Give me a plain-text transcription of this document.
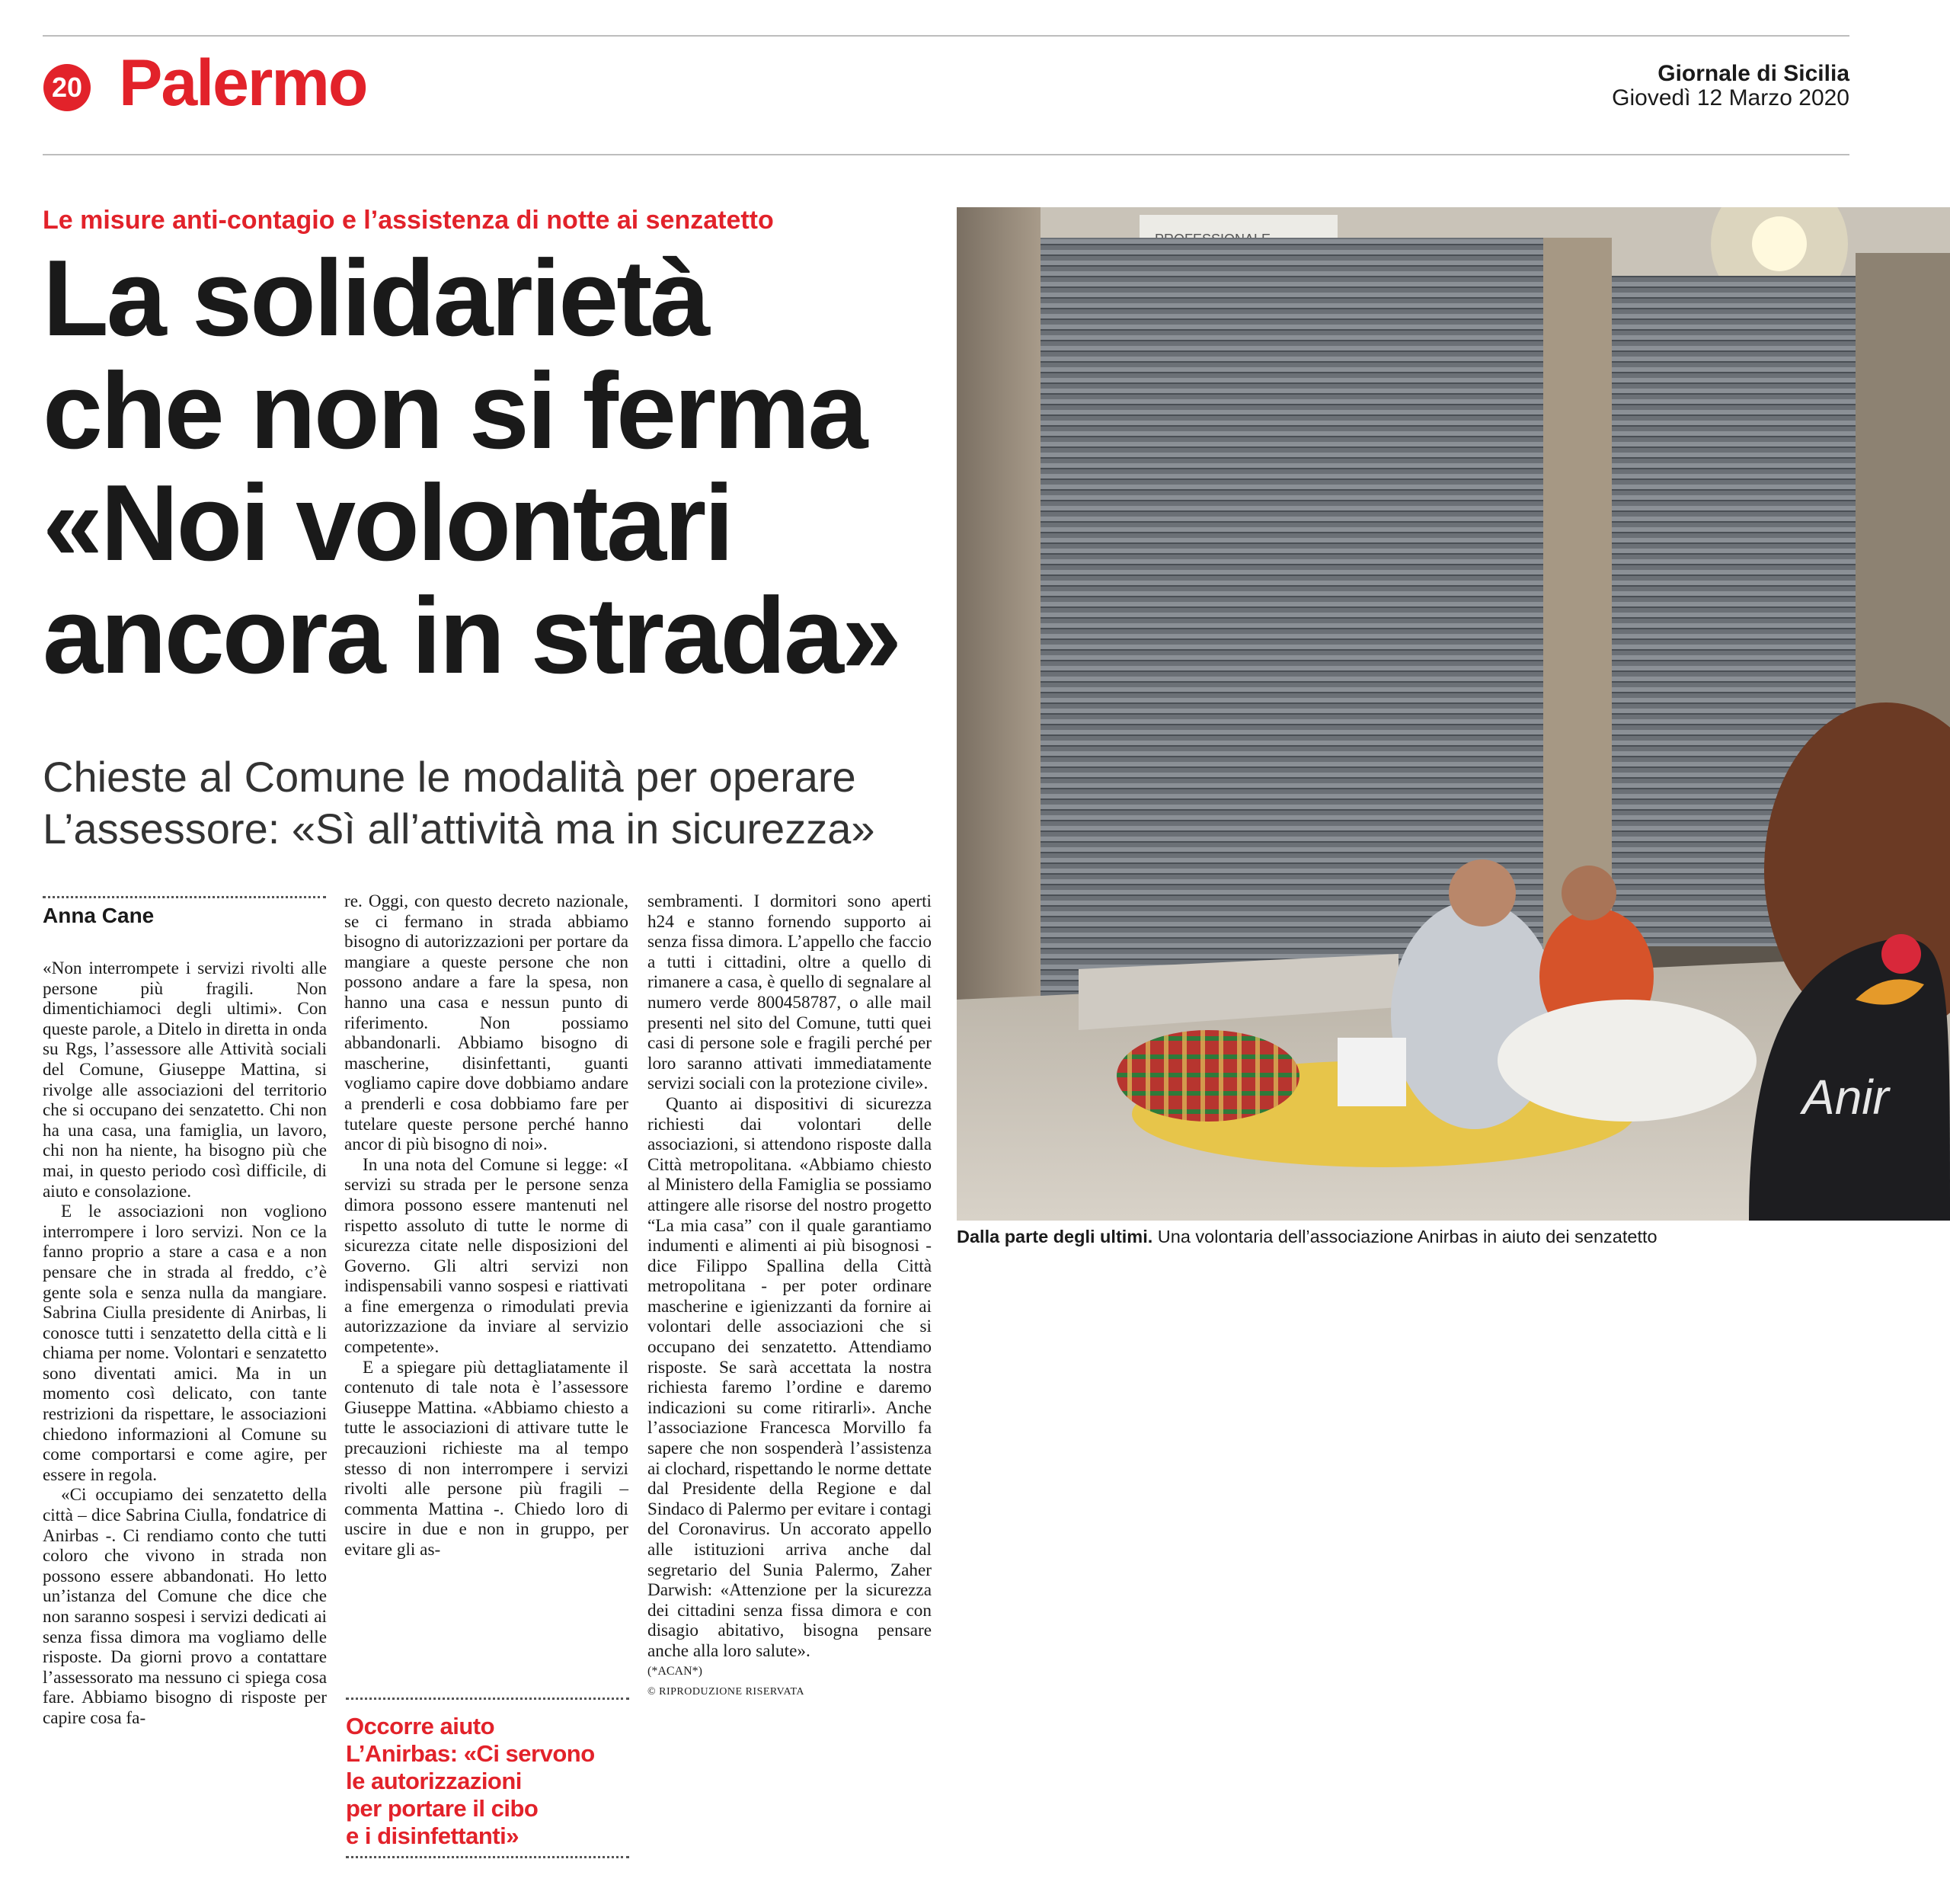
20 Palermo	Giornale di Sicilia
Giovedì 12 Marzo 2020
Le misure anti-contagio e l’assistenza di notte ai senzatetto
La solidarietà
che non si ferma
«Noi volontari
ancora in strada»
Chieste al Comune le modalità per operare
L’assessore: «Sì all’attività ma in sicurezza»
Anna Cane

«Non interrompete i servizi rivolti alle persone più fragili. Non dimentichiamoci degli ultimi». Con queste parole, a Ditelo in diretta in onda su Rgs, l’assessore alle Attività sociali del Comune, Giuseppe Mattina, si rivolge alle associazioni del territorio che si occupano dei senzatetto. Chi non ha una casa, una famiglia, un lavoro, chi non ha niente, ha bisogno più che mai, in questo periodo così difficile, di aiuto e consolazione.

E le associazioni non vogliono interrompere i loro servizi. Non ce la fanno proprio a stare a casa e a non pensare che in strada al freddo, c’è gente sola e senza nulla da mangiare. Sabrina Ciulla presidente di Anirbas, li conosce tutti i senzatetto della città e li chiama per nome. Volontari e senzatetto sono diventati amici. Ma in un momento così delicato, con tante restrizioni da rispettare, le associazioni chiedono informazioni al Comune su come comportarsi e come agire, per essere in regola.

«Ci occupiamo dei senzatetto della città – dice Sabrina Ciulla, fondatrice di Anirbas -. Ci rendiamo conto che tutti coloro che vivono in strada non possono essere abbandonati. Ho letto un’istanza del Comune che dice che non saranno sospesi i servizi dedicati ai senza fissa dimora ma vogliamo delle risposte. Da giorni provo a contattare l’assessorato ma nessuno ci spiega cosa fare. Abbiamo bisogno di risposte per capire cosa fa-

re. Oggi, con questo decreto nazionale, se ci fermano in strada abbiamo bisogno di autorizzazioni per portare da mangiare a queste persone che non possono andare a fare la spesa, non hanno una casa e nessun punto di riferimento. Non possiamo abbandonarli. Abbiamo bisogno di mascherine, disinfettanti, guanti vogliamo capire dove dobbiamo andare a prenderli e cosa dobbiamo fare per tutelare queste persone perché hanno ancor di più bisogno di noi».

In una nota del Comune si legge: «I servizi su strada per le persone senza dimora possono essere mantenuti nel rispetto assoluto di tutte le norme di sicurezza citate nelle disposizioni del Governo. Gli altri servizi non indispensabili vanno sospesi e riattivati a fine emergenza o rimodulati previa autorizzazione da inviare al servizio competente».

E a spiegare più dettagliatamente il contenuto di tale nota è l’assessore Giuseppe Mattina. «Abbiamo chiesto a tutte le associazioni di attivare tutte le precauzioni richieste ma al tempo stesso di non interrompere i servizi rivolti alle persone più fragili – commenta Mattina -. Chiedo loro di uscire in due e non in gruppo, per evitare gli as-

Occorre aiuto
L’Anirbas: «Ci servono
le autorizzazioni
per portare il cibo
e i disinfettanti»

sembramenti. I dormitori sono aperti h24 e stanno fornendo supporto ai senza fissa dimora. L’appello che faccio a tutti i cittadini, oltre a quello di rimanere a casa, è quello di segnalare al numero verde 800458787, o alle mail presenti nel sito del Comune, tutti quei casi di persone sole e fragili perché per loro saranno attivati immediatamente servizi sociali con la protezione civile».

Quanto ai dispositivi di sicurezza richiesti dai volontari delle associazioni, si attendono risposte dalla Città metropolitana. «Abbiamo chiesto al Ministero della Famiglia se possiamo attingere alle risorse del nostro progetto “La mia casa” con il quale garantiamo indumenti e alimenti ai più bisognosi - dice Filippo Spallina della Città metropolitana - per poter ordinare mascherine e igienizzanti da fornire ai volontari delle associazioni che si occupano dei senzatetto. Attendiamo risposte. Se sarà accettata la nostra richiesta faremo l’ordine e daremo indicazioni su come ritirarli». Anche l’associazione Francesca Morvillo fa sapere che non sospenderà l’assistenza ai clochard, rispettando le norme dettate dal Presidente della Regione e dal Sindaco di Palermo per evitare i contagi del Coronavirus. Un accorato appello alle istituzioni arriva anche dal segretario del Sunia Palermo, Zaher Darwish: «Attenzione per la sicurezza dei cittadini senza fissa dimora e con disagio abitativo, bisogna pensare anche alla loro salute».

(*ACAN*)

© RIPRODUZIONE RISERVATA

Anir
Dalla parte degli ultimi. Una volontaria dell’associazione Anirbas in aiuto dei senzatetto
